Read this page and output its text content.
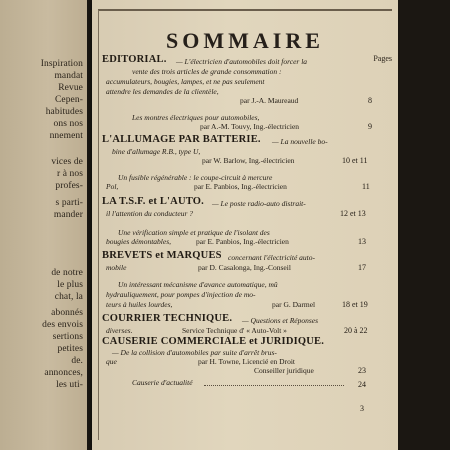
Inspiration
mandat
Revue
Cepen-
habitudes
ons nos
nnement
vices de
r à nos
profes-
s parti-
mander
de notre
le plus
chat, la
abonnés
des envois
sertions
petites
de.
annonces,
les uti-
SOMMAIRE
Pages
EDITORIAL. — L'électricien d'automobiles doit forcer la
vente des trois articles de grande consommation :
accumulateurs, bougies, lampes, et ne pas seulement
attendre les demandes de la clientèle,
par J.-A. Maureaud	8
Les montres électriques pour automobiles,
par A.-M. Touvy, Ing.-électricien	9
L'ALLUMAGE PAR BATTERIE. — La nouvelle bo-
bine d'allumage R.B., type U,
par W. Barlow, Ing.-électricien	10 et 11
Un fusible régénérable : le coupe-circuit à mercure
Pol,	par E. Panbios, Ing.-électricien	11
LA T.S.F. et L'AUTO. — Le poste radio-auto distrait-
il l'attention du conducteur ?	12 et 13
Une vérification simple et pratique de l'isolant des
bougies démontables,	par E. Panbios, Ing.-électricien	13
BREVETS et MARQUES concernant l'électricité auto-
mobile	par D. Casalonga, Ing.-Conseil	17
Un intéressant mécanisme d'avance automatique, mû
hydrauliquement, pour pompes d'injection de mo-
teurs à huiles lourdes,	par G. Darmel	18 et 19
COURRIER TECHNIQUE. — Questions et Réponses
diverses.	Service Technique d' « Auto-Volt »	20 à 22
CAUSERIE COMMERCIALE et JURIDIQUE.
— De la collision d'automobiles par suite d'arrêt brus-
que	par H. Towne, Licencié en Droit
Conseiller juridique	23
Causerie d'actualité	24
3
